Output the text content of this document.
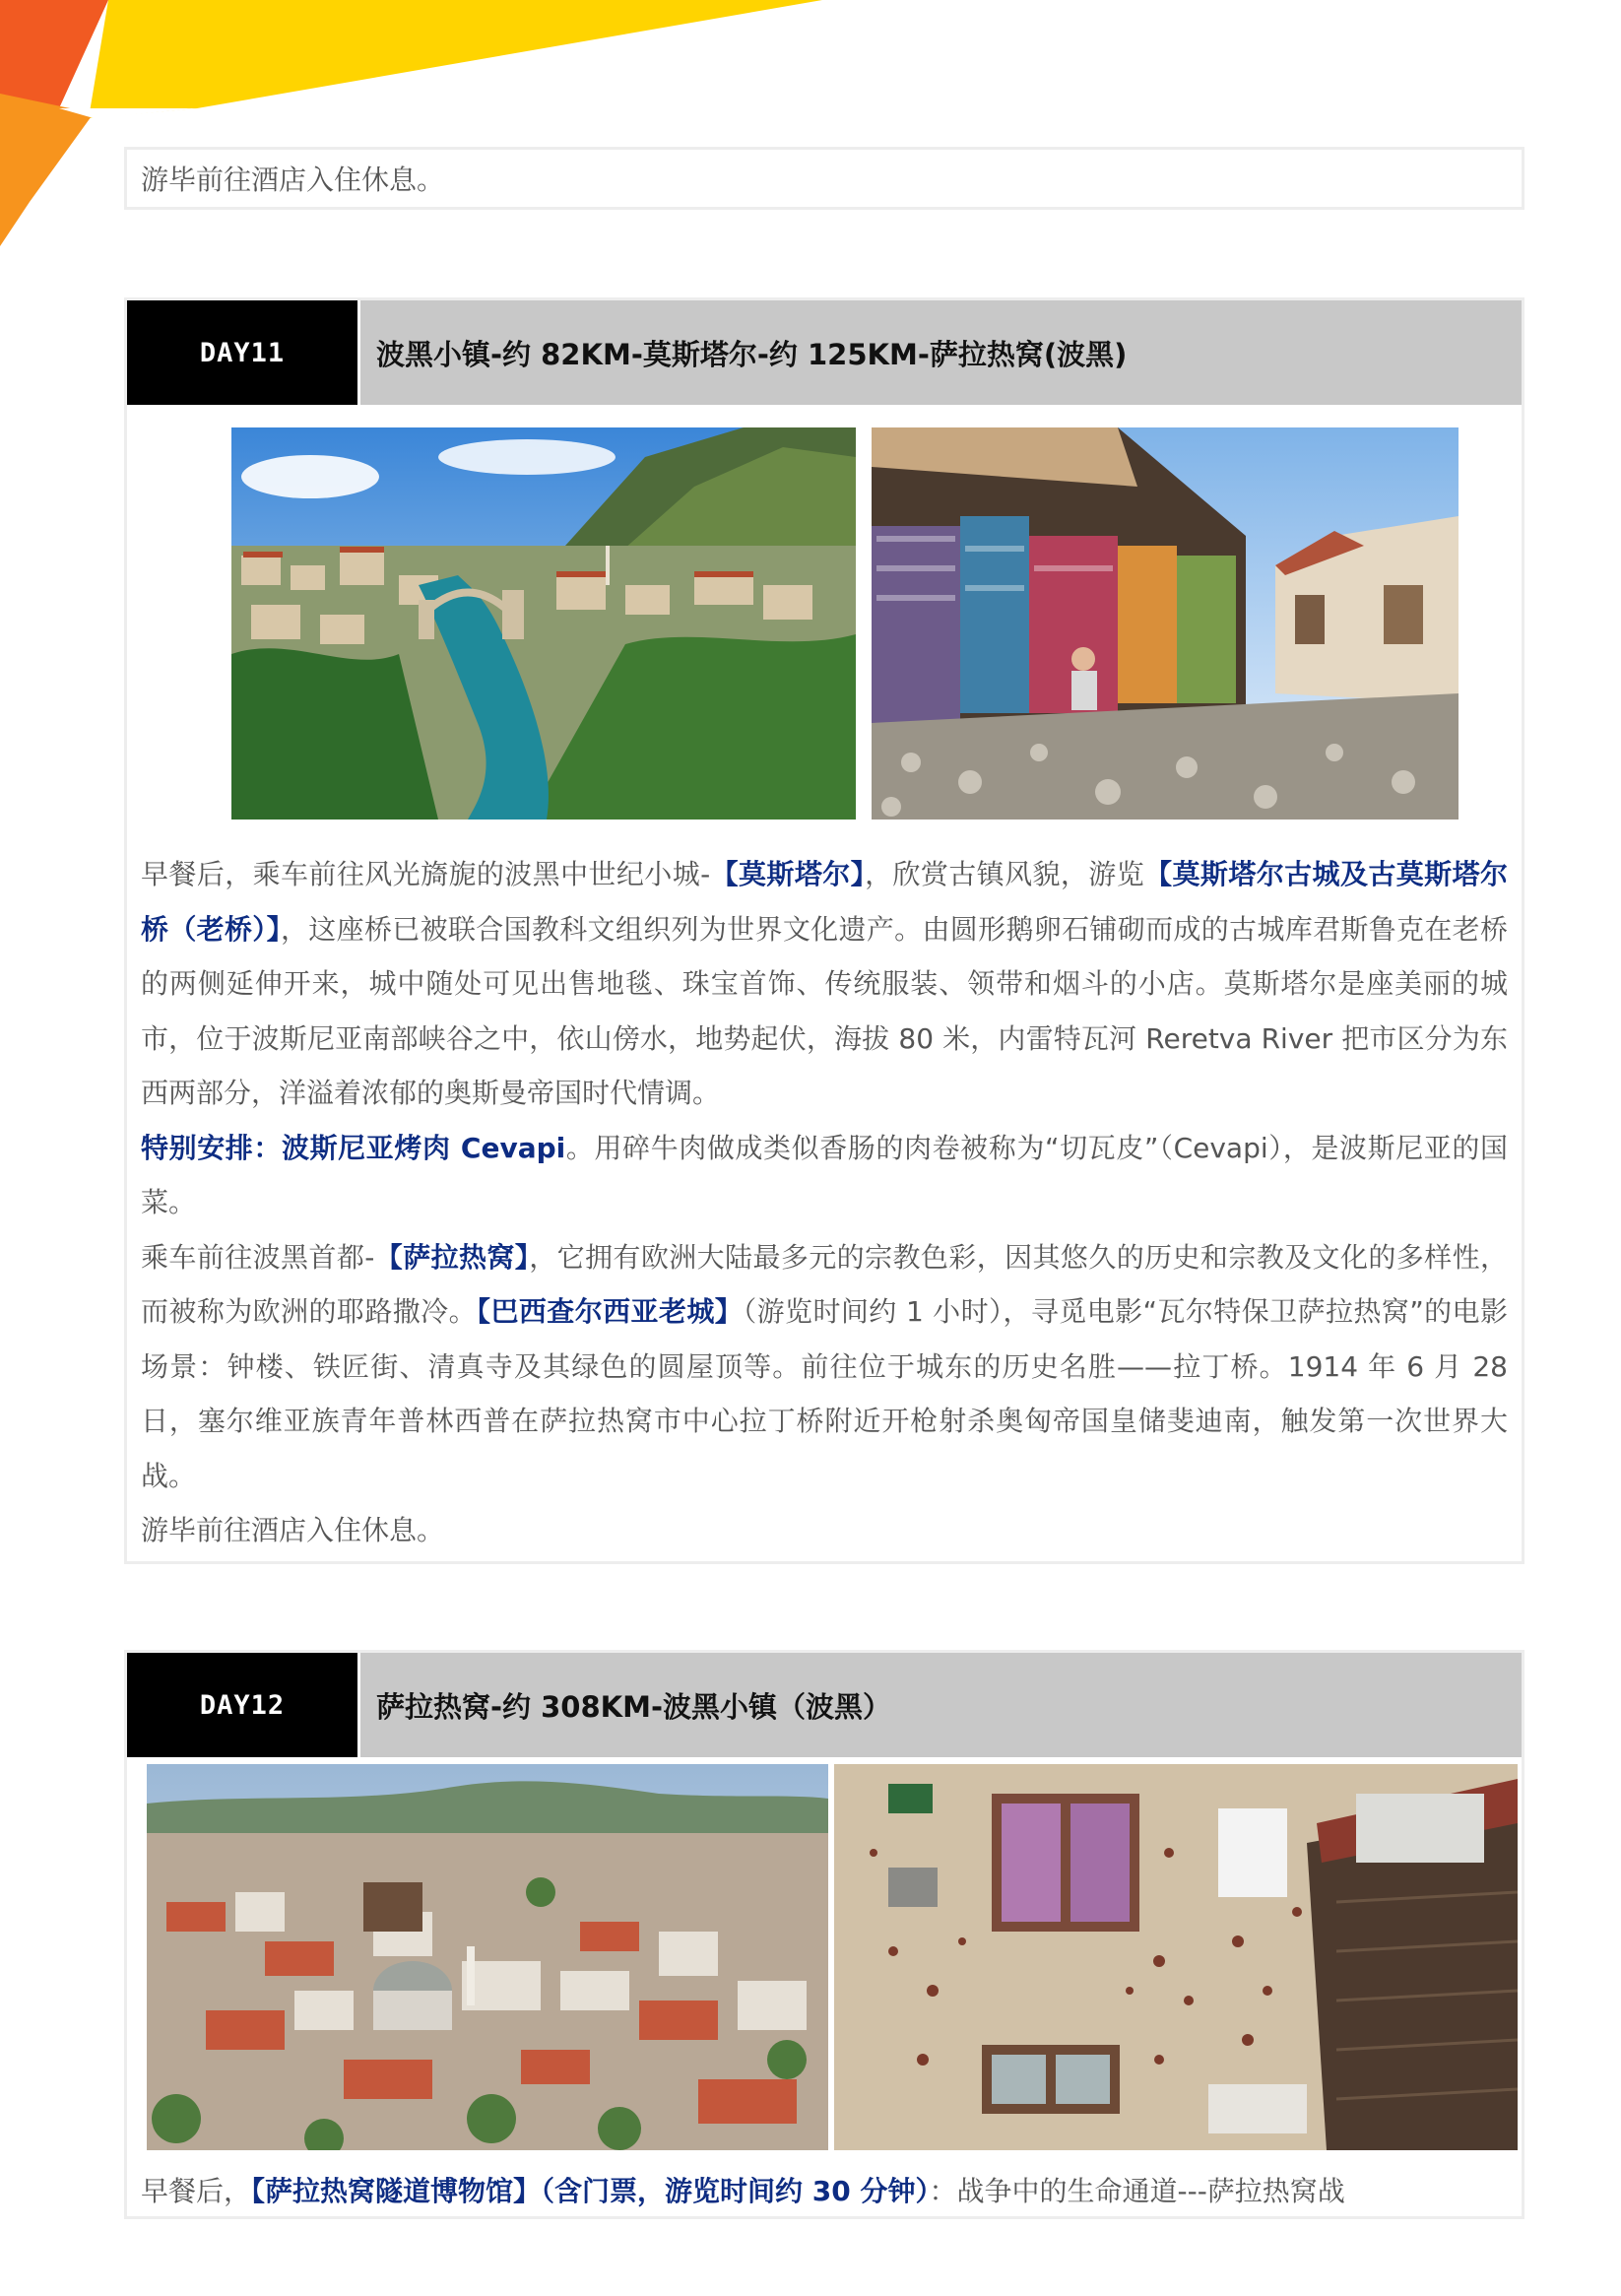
游毕前往酒店入住休息。
DAY11	波黑小镇-约 82KM-莫斯塔尔-约 125KM-萨拉热窝(波黑)

早餐后，乘车前往风光旖旎的波黑中世纪小城-【莫斯塔尔】，欣赏古镇风貌，游览【莫斯塔尔古城及古莫斯塔尔桥（老桥）】，这座桥已被联合国教科文组织列为世界文化遗产。由圆形鹅卵石铺砌而成的古城库君斯鲁克在老桥的两侧延伸开来，城中随处可见出售地毯、珠宝首饰、传统服装、领带和烟斗的小店。莫斯塔尔是座美丽的城市，位于波斯尼亚南部峡谷之中，依山傍水，地势起伏，海拔 80 米，内雷特瓦河 Reretva River 把市区分为东西两部分，洋溢着浓郁的奥斯曼帝国时代情调。

特别安排：波斯尼亚烤肉 Cevapi。用碎牛肉做成类似香肠的肉卷被称为“切瓦皮”（Cevapi），是波斯尼亚的国菜。

乘车前往波黑首都-【萨拉热窝】，它拥有欧洲大陆最多元的宗教色彩，因其悠久的历史和宗教及文化的多样性，而被称为欧洲的耶路撒冷。【巴西查尔西亚老城】（游览时间约 1 小时），寻觅电影“瓦尔特保卫萨拉热窝”的电影场景：钟楼、铁匠街、清真寺及其绿色的圆屋顶等。前往位于城东的历史名胜——拉丁桥。1914 年 6 月 28 日，塞尔维亚族青年普林西普在萨拉热窝市中心拉丁桥附近开枪射杀奥匈帝国皇储斐迪南，触发第一次世界大战。

游毕前往酒店入住休息。

DAY12	萨拉热窝-约 308KM-波黑小镇（波黑）

早餐后，【萨拉热窝隧道博物馆】（含门票，游览时间约 30 分钟）：战争中的生命通道---萨拉热窝战
